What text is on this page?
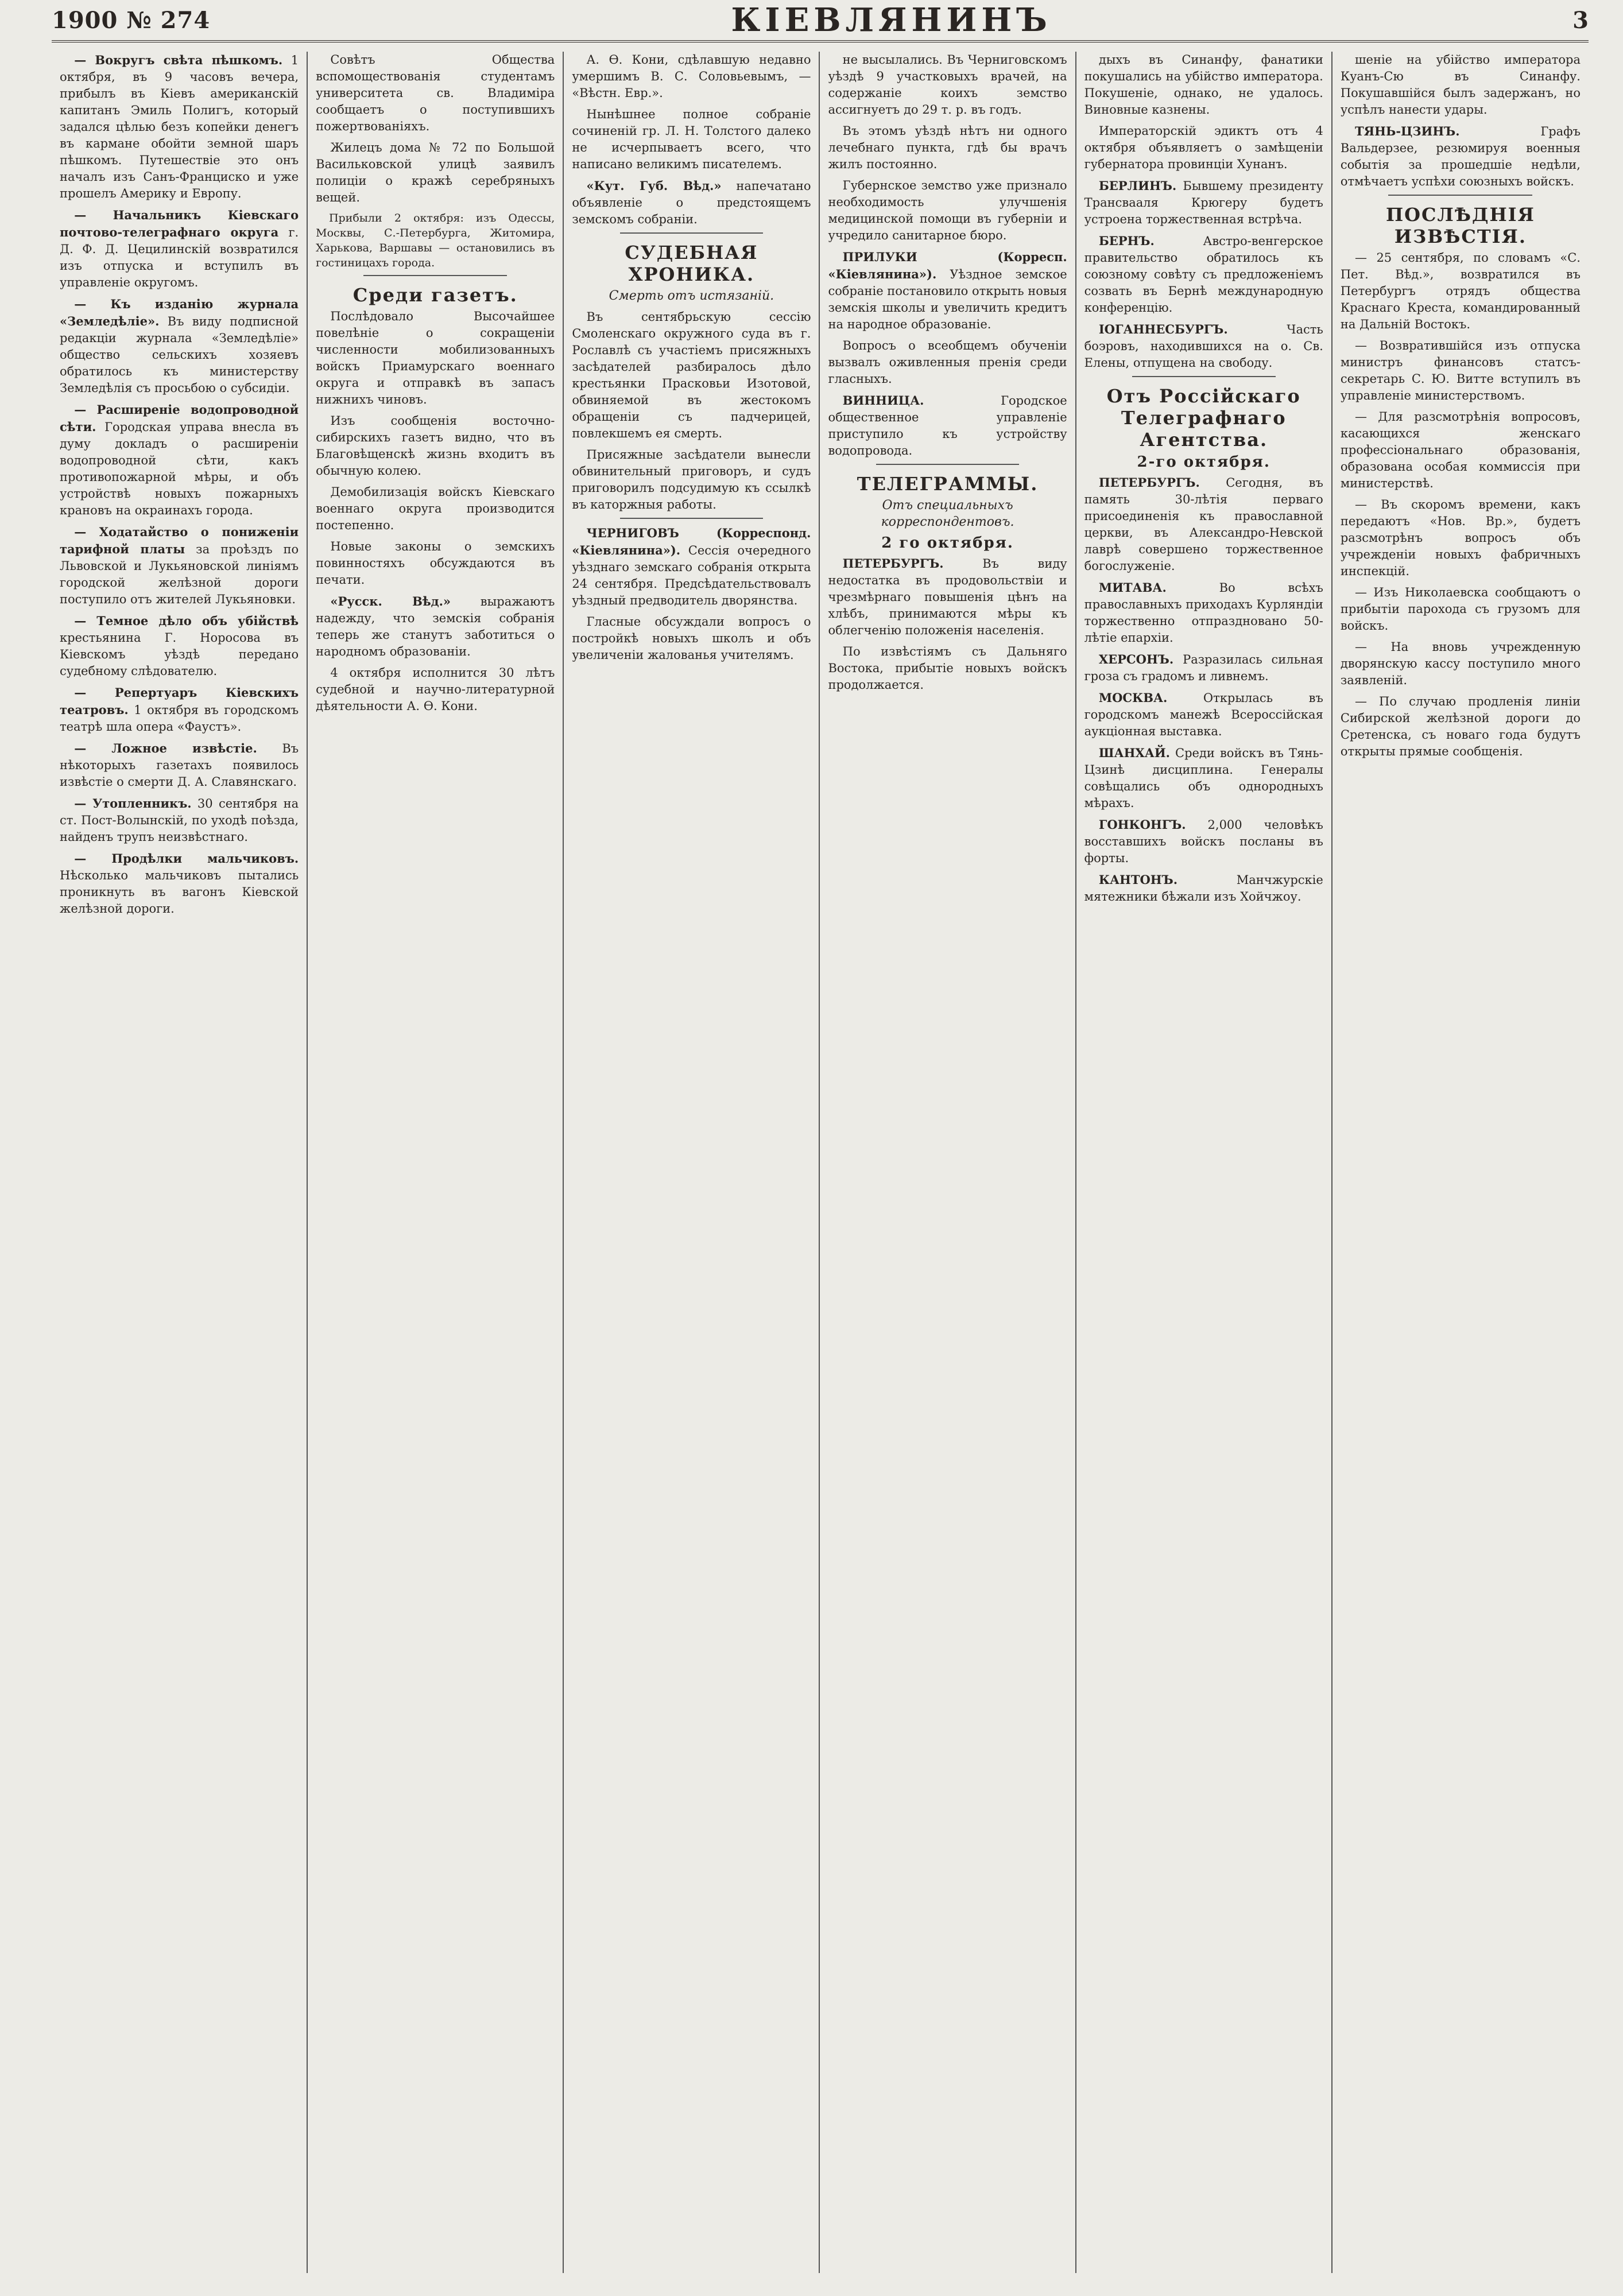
1900 № 274	КІЕВЛЯНИНЪ	3

— Вокругъ свѣта пѣшкомъ. 1 октября, въ 9 часовъ вечера, прибылъ въ Кіевъ американскій капитанъ Эмиль Полигъ, который задался цѣлью безъ копейки денегъ въ кармане обойти земной шаръ пѣшкомъ. Путешествіе это онъ началъ изъ Санъ-Франциско и уже прошелъ Америку и Европу.

— Начальникъ Кіевскаго почтово-телеграфнаго округа г. Д. Ф. Д. Цецилинскій возвратился изъ отпуска и вступилъ въ управленіе округомъ.

— Къ изданію журнала «Земледѣліе». Въ виду подписной редакціи журнала «Земледѣліе» общество сельскихъ хозяевъ обратилось къ министерству Земледѣлія съ просьбою о субсидіи.

— Расширеніе водопроводной сѣти. Городская управа внесла въ думу докладъ о расширеніи водопроводной сѣти, какъ противопожарной мѣры, и объ устройствѣ новыхъ пожарныхъ крановъ на окраинахъ города.

— Ходатайство о пониженіи тарифной платы за проѣздъ по Львовской и Лукьяновской линіямъ городской желѣзной дороги поступило отъ жителей Лукьяновки.

— Темное дѣло объ убійствѣ крестьянина Г. Норосова въ Кіевскомъ уѣздѣ передано судебному слѣдователю.

— Репертуаръ Кіевскихъ театровъ. 1 октября въ городскомъ театрѣ шла опера «Фаустъ».

— Ложное извѣстіе. Въ нѣкоторыхъ газетахъ появилось извѣстіе о смерти Д. А. Славянскаго.

— Утопленникъ. 30 сентября на ст. Пост-Волынскій, по уходѣ поѣзда, найденъ трупъ неизвѣстнаго.

— Продѣлки мальчиковъ. Нѣсколько мальчиковъ пытались проникнуть въ вагонъ Кіевской желѣзной дороги.

Совѣтъ Общества вспомоществованія студентамъ университета св. Владиміра сообщаетъ о поступившихъ пожертвованіяхъ.

Жилецъ дома № 72 по Большой Васильковской улицѣ заявилъ полиціи о кражѣ серебряныхъ вещей.

Прибыли 2 октября: изъ Одессы, Москвы, С.-Петербурга, Житомира, Харькова, Варшавы — остановились въ гостиницахъ города.

Среди газетъ.

Послѣдовало Высочайшее повелѣніе о сокращеніи численности мобилизованныхъ войскъ Приамурскаго военнаго округа и отправкѣ въ запасъ нижнихъ чиновъ.

Изъ сообщенія восточно-сибирскихъ газетъ видно, что въ Благовѣщенскѣ жизнь входитъ въ обычную колею.

Демобилизація войскъ Кіевскаго военнаго округа производится постепенно.

Новые законы о земскихъ повинностяхъ обсуждаются въ печати.

«Русск. Вѣд.» выражаютъ надежду, что земскія собранія теперь же станутъ заботиться о народномъ образованіи.

4 октября исполнится 30 лѣтъ судебной и научно-литературной дѣятельности А. Ѳ. Кони.

А. Ѳ. Кони, сдѣлавшую недавно умершимъ В. С. Соловьевымъ, — «Вѣстн. Евр.».

Нынѣшнее полное собраніе сочиненій гр. Л. Н. Толстого далеко не исчерпываетъ всего, что написано великимъ писателемъ.

«Кут. Губ. Вѣд.» напечатано объявленіе о предстоящемъ земскомъ собраніи.

СУДЕБНАЯ ХРОНИКА.
Смерть отъ истязаній.

Въ сентябрьскую сессію Смоленскаго окружного суда въ г. Рославлѣ съ участіемъ присяжныхъ засѣдателей разбиралось дѣло крестьянки Прасковьи Изотовой, обвиняемой въ жестокомъ обращеніи съ падчерицей, повлекшемъ ея смерть.

Присяжные засѣдатели вынесли обвинительный приговоръ, и судъ приговорилъ подсудимую къ ссылкѣ въ каторжныя работы.

ЧЕРНИГОВЪ (Корреспонд. «Кіевлянина»). Сессія очередного уѣзднаго земскаго собранія открыта 24 сентября. Предсѣдательствовалъ уѣздный предводитель дворянства.

Гласные обсуждали вопросъ о постройкѣ новыхъ школъ и объ увеличеніи жалованья учителямъ.

не высылались. Въ Черниговскомъ уѣздѣ 9 участковыхъ врачей, на содержаніе коихъ земство ассигнуетъ до 29 т. р. въ годъ.

Въ этомъ уѣздѣ нѣтъ ни одного лечебнаго пункта, гдѣ бы врачъ жилъ постоянно.

Губернское земство уже признало необходимость улучшенія медицинской помощи въ губерніи и учредило санитарное бюро.

ПРИЛУКИ (Корресп. «Кіевлянина»). Уѣздное земское собраніе постановило открыть новыя земскія школы и увеличить кредитъ на народное образованіе.

Вопросъ о всеобщемъ обученіи вызвалъ оживленныя пренія среди гласныхъ.

ВИННИЦА.	Городское общественное управленіе приступило къ устройству водопровода.

ТЕЛЕГРАММЫ.
Отъ специальныхъ корреспондентовъ.
2 го октября.

ПЕТЕРБУРГЪ.	Въ виду недостатка въ продовольствіи и чрезмѣрнаго повышенія цѣнъ на хлѣбъ, принимаются мѣры къ облегченію положенія населенія.

По извѣстіямъ съ Дальняго Востока, прибытіе новыхъ войскъ продолжается.

дыхъ въ Синанфу, фанатики покушались на убійство императора. Покушеніе, однако, не удалось. Виновные казнены.

Императорскій эдиктъ отъ 4 октября объявляетъ о замѣщеніи губернатора провинціи Хунанъ.

БЕРЛИНЪ. Бывшему президенту Трансвааля Крюгеру будетъ устроена торжественная встрѣча.

БЕРНЪ.	Австро-венгерское правительство обратилось къ союзному совѣту съ предложеніемъ созвать въ Бернѣ международную конференцію.

ІОГАННЕСБУРГЪ.	Часть боэровъ, находившихся на о. Св. Елены, отпущена на свободу.

Отъ Россійскаго Телеграфнаго Агентства.
2-го октября.

ПЕТЕРБУРГЪ. Сегодня, въ память 30-лѣтія перваго присоединенія къ православной церкви, въ Александро-Невской лаврѣ совершено торжественное богослуженіе.

МИТАВА.	Во всѣхъ православныхъ приходахъ Курляндіи торжественно отпраздновано 50-лѣтіе епархіи.

ХЕРСОНЪ. Разразилась сильная гроза съ градомъ и ливнемъ.

МОСКВА.	Открылась въ городскомъ манежѣ Всероссійская аукціонная выставка.

ШАНХАЙ. Среди войскъ въ Тянь-Цзинѣ дисциплина. Генералы совѣщались объ однородныхъ мѣрахъ.

ГОНКОНГЪ. 2,000 человѣкъ восставшихъ войскъ посланы въ форты.

КАНТОНЪ.	Манчжурскіе мятежники бѣжали изъ Хойчжоу.

шеніе на убійство императора Куанъ-Сю въ Синанфу. Покушавшійся былъ задержанъ, но успѣлъ нанести удары.

ТЯНЬ-ЦЗИНЪ.	Графъ Вальдерзее, резюмируя военныя событія за прошедшіе недѣли, отмѣчаетъ успѣхи союзныхъ войскъ.

ПОСЛѢДНІЯ ИЗВѢСТІЯ.

— 25 сентября, по словамъ «С. Пет. Вѣд.», возвратился въ Петербургъ отрядъ общества Краснаго Креста, командированный на Дальній Востокъ.

— Возвратившійся изъ отпуска министръ финансовъ статсъ-секретарь С. Ю. Витте вступилъ въ управленіе министерствомъ.

— Для разсмотрѣнія вопросовъ, касающихся женскаго профессіональнаго образованія, образована особая коммиссія при министерствѣ.

— Въ скоромъ времени, какъ передаютъ «Нов. Вр.», будетъ разсмотрѣнъ вопросъ объ учрежденіи новыхъ фабричныхъ инспекцій.

— Изъ Николаевска сообщаютъ о прибытіи парохода съ грузомъ для войскъ.

— На вновь учрежденную дворянскую кассу поступило много заявленій.

— По случаю продленія линіи Сибирской желѣзной дороги до Сретенска, съ новаго года будутъ открыты прямые сообщенія.
